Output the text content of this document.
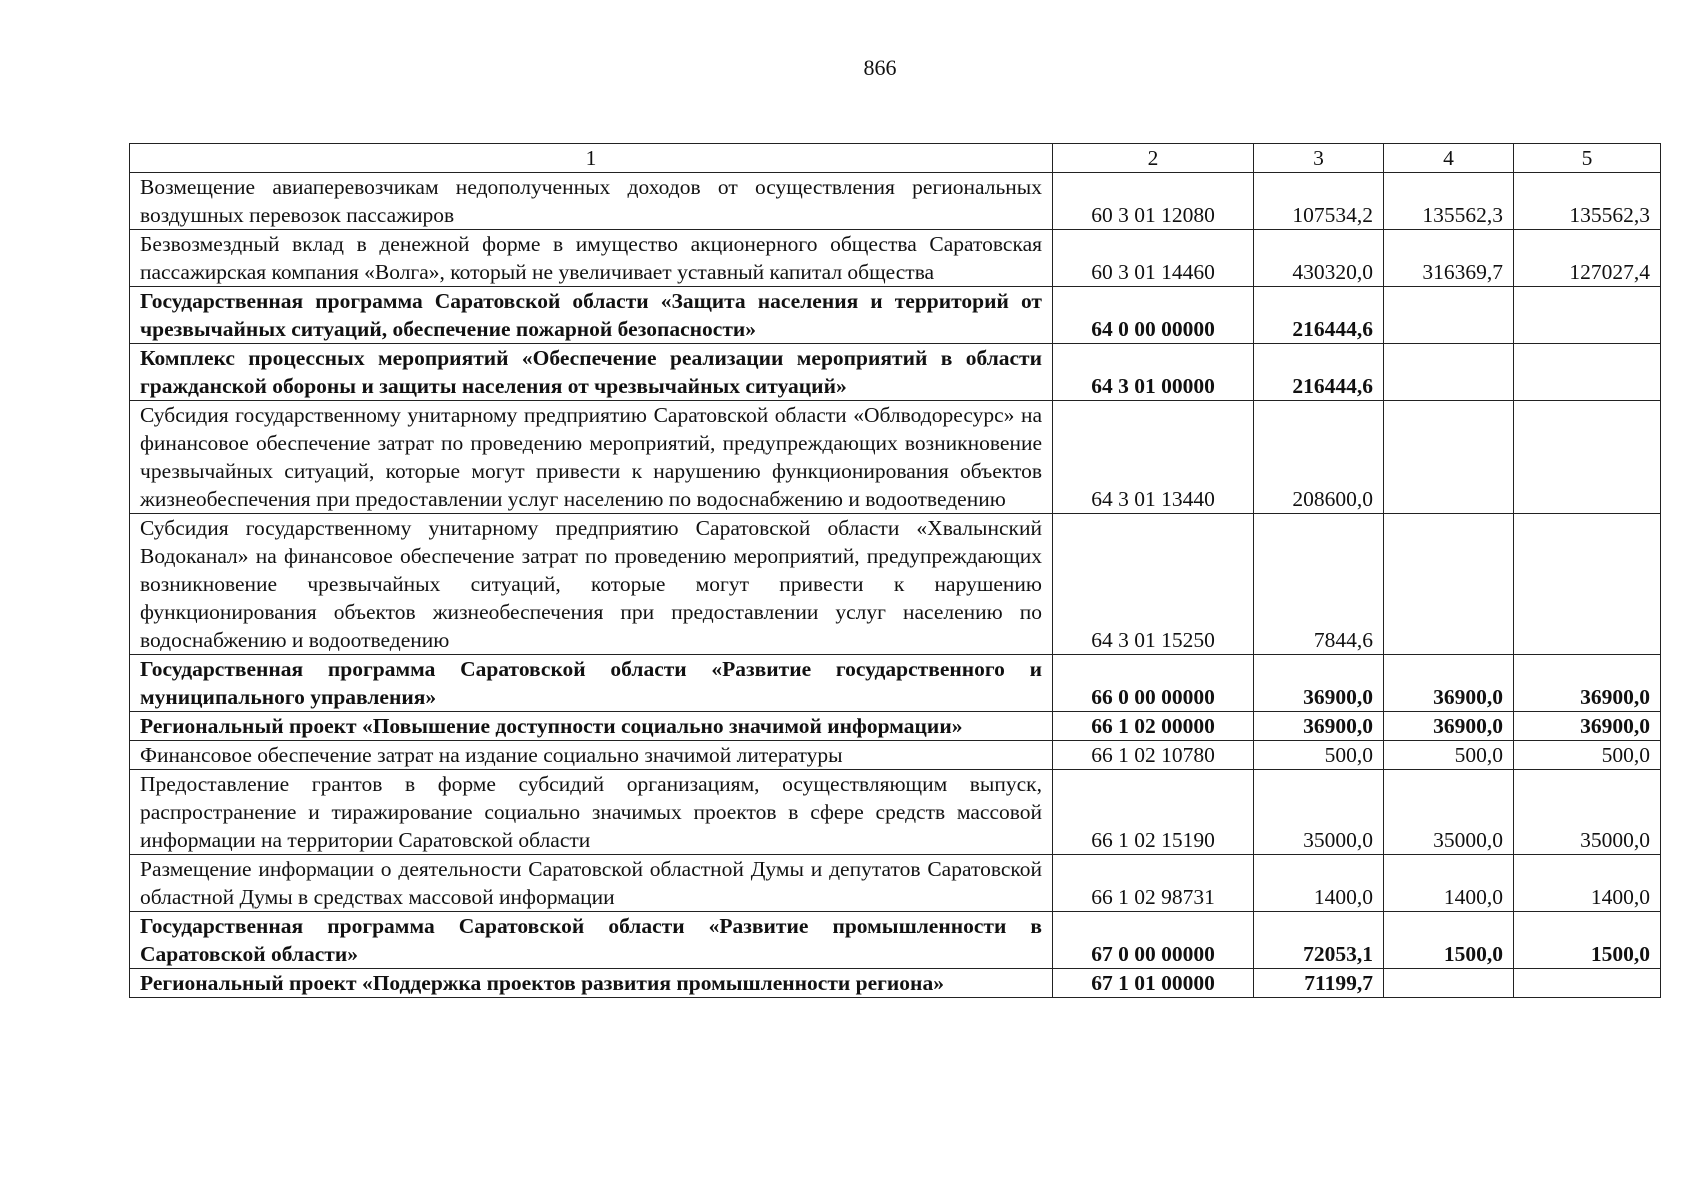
866
1	2	3	4	5
Возмещение авиаперевозчикам недополученных доходов от осуществления региональных воздушных перевозок пассажиров	60 3 01 12080	107534,2	135562,3	135562,3
Безвозмездный вклад в денежной форме в имущество акционерного общества Саратовская пассажирская компания «Волга», который не увеличивает уставный капитал общества	60 3 01 14460	430320,0	316369,7	127027,4
Государственная программа Саратовской области «Защита населения и территорий от чрезвычайных ситуаций, обеспечение пожарной безопасности»	64 0 00 00000	216444,6		
Комплекс процессных мероприятий «Обеспечение реализации мероприятий в области гражданской обороны и защиты населения от чрезвычайных ситуаций»	64 3 01 00000	216444,6		
Субсидия государственному унитарному предприятию Саратовской области «Облводоресурс» на финансовое обеспечение затрат по проведению мероприятий, предупреждающих возникновение чрезвычайных ситуаций, которые могут привести к нарушению функционирования объектов жизнеобеспечения при предоставлении услуг населению по водоснабжению и водоотведению	64 3 01 13440	208600,0		
Субсидия государственному унитарному предприятию Саратовской области «Хвалынский Водоканал» на финансовое обеспечение затрат по проведению мероприятий, предупреждающих возникновение чрезвычайных ситуаций, которые могут привести к нарушению функционирования объектов жизнеобеспечения при предоставлении услуг населению по водоснабжению и водоотведению	64 3 01 15250	7844,6		
Государственная программа Саратовской области «Развитие государственного и муниципального управления»	66 0 00 00000	36900,0	36900,0	36900,0
Региональный проект «Повышение доступности социально значимой информации»	66 1 02 00000	36900,0	36900,0	36900,0
Финансовое обеспечение затрат на издание социально значимой литературы	66 1 02 10780	500,0	500,0	500,0
Предоставление грантов в форме субсидий организациям, осуществляющим выпуск, распространение и тиражирование социально значимых проектов в сфере средств массовой информации на территории Саратовской области	66 1 02 15190	35000,0	35000,0	35000,0
Размещение информации о деятельности Саратовской областной Думы и депутатов Саратовской областной Думы в средствах массовой информации	66 1 02 98731	1400,0	1400,0	1400,0
Государственная программа Саратовской области «Развитие промышленности в Саратовской области»	67 0 00 00000	72053,1	1500,0	1500,0
Региональный проект «Поддержка проектов развития промышленности региона»	67 1 01 00000	71199,7		
